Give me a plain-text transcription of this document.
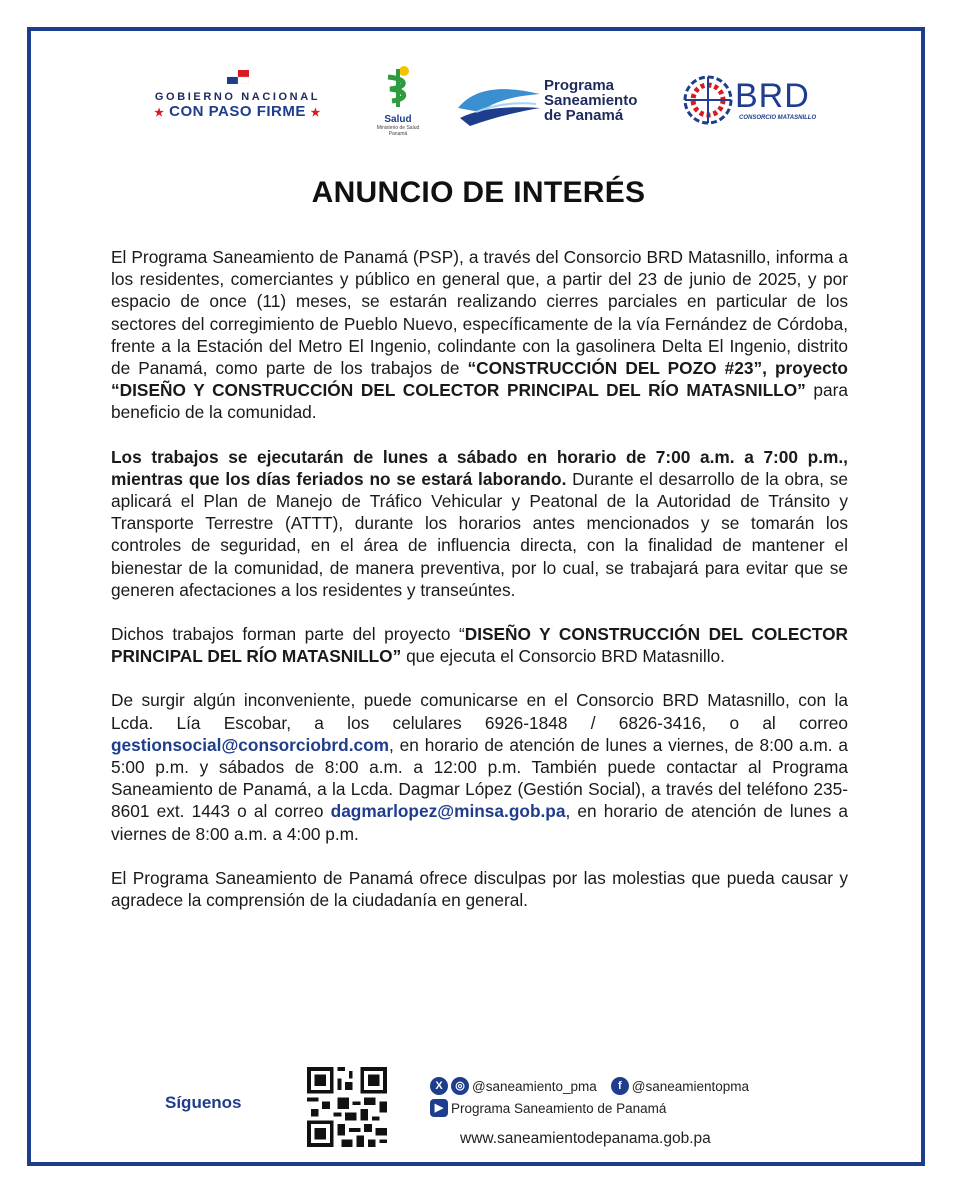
GOBIERNO NACIONAL
★ CON PASO FIRME ★
Salud
Ministerio de Salud Panamá
Programa
Saneamiento
de Panamá
BRD
CONSORCIO MATASNILLO
ANUNCIO DE INTERÉS

El Programa Saneamiento de Panamá (PSP), a través del Consorcio BRD Matasnillo, informa a los residentes, comerciantes y público en general que, a partir del 23 de junio de 2025, y por espacio de once (11) meses, se estarán realizando cierres parciales en particular de los sectores del corregimiento de Pueblo Nuevo, específicamente de la vía Fernández de Córdoba, frente a la Estación del Metro El Ingenio, colindante con la gasolinera Delta El Ingenio, distrito de Panamá, como parte de los trabajos de “CONSTRUCCIÓN DEL POZO #23”, proyecto “DISEÑO Y CONSTRUCCIÓN DEL COLECTOR PRINCIPAL DEL RÍO MATASNILLO” para beneficio de la comunidad.

Los trabajos se ejecutarán de lunes a sábado en horario de 7:00 a.m. a 7:00 p.m., mientras que los días feriados no se estará laborando. Durante el desarrollo de la obra, se aplicará el Plan de Manejo de Tráfico Vehicular y Peatonal de la Autoridad de Tránsito y Transporte Terrestre (ATTT), durante los horarios antes mencionados y se tomarán los controles de seguridad, en el área de influencia directa, con la finalidad de mantener el bienestar de la comunidad, de manera preventiva, por lo cual, se trabajará para evitar que se generen afectaciones a los residentes y transeúntes.

Dichos trabajos forman parte del proyecto “DISEÑO Y CONSTRUCCIÓN DEL COLECTOR PRINCIPAL DEL RÍO MATASNILLO” que ejecuta el Consorcio BRD Matasnillo.

De surgir algún inconveniente, puede comunicarse en el Consorcio BRD Matasnillo, con la Lcda. Lía Escobar, a los celulares 6926-1848 / 6826-3416, o al correo gestionsocial@consorciobrd.com, en horario de atención de lunes a viernes, de 8:00 a.m. a 5:00 p.m. y sábados de 8:00 a.m. a 12:00 p.m. También puede contactar al Programa Saneamiento de Panamá, a la Lcda. Dagmar López (Gestión Social), a través del teléfono 235-8601 ext. 1443 o al correo dagmarlopez@minsa.gob.pa, en horario de atención de lunes a viernes de 8:00 a.m. a 4:00 p.m.

El Programa Saneamiento de Panamá ofrece disculpas por las molestias que pueda causar y agradece la comprensión de la ciudadanía en general.

Síguenos
X	◎ @saneamiento_pma	f @saneamientopma
▶ Programa Saneamiento de Panamá
www.saneamientodepanama.gob.pa
